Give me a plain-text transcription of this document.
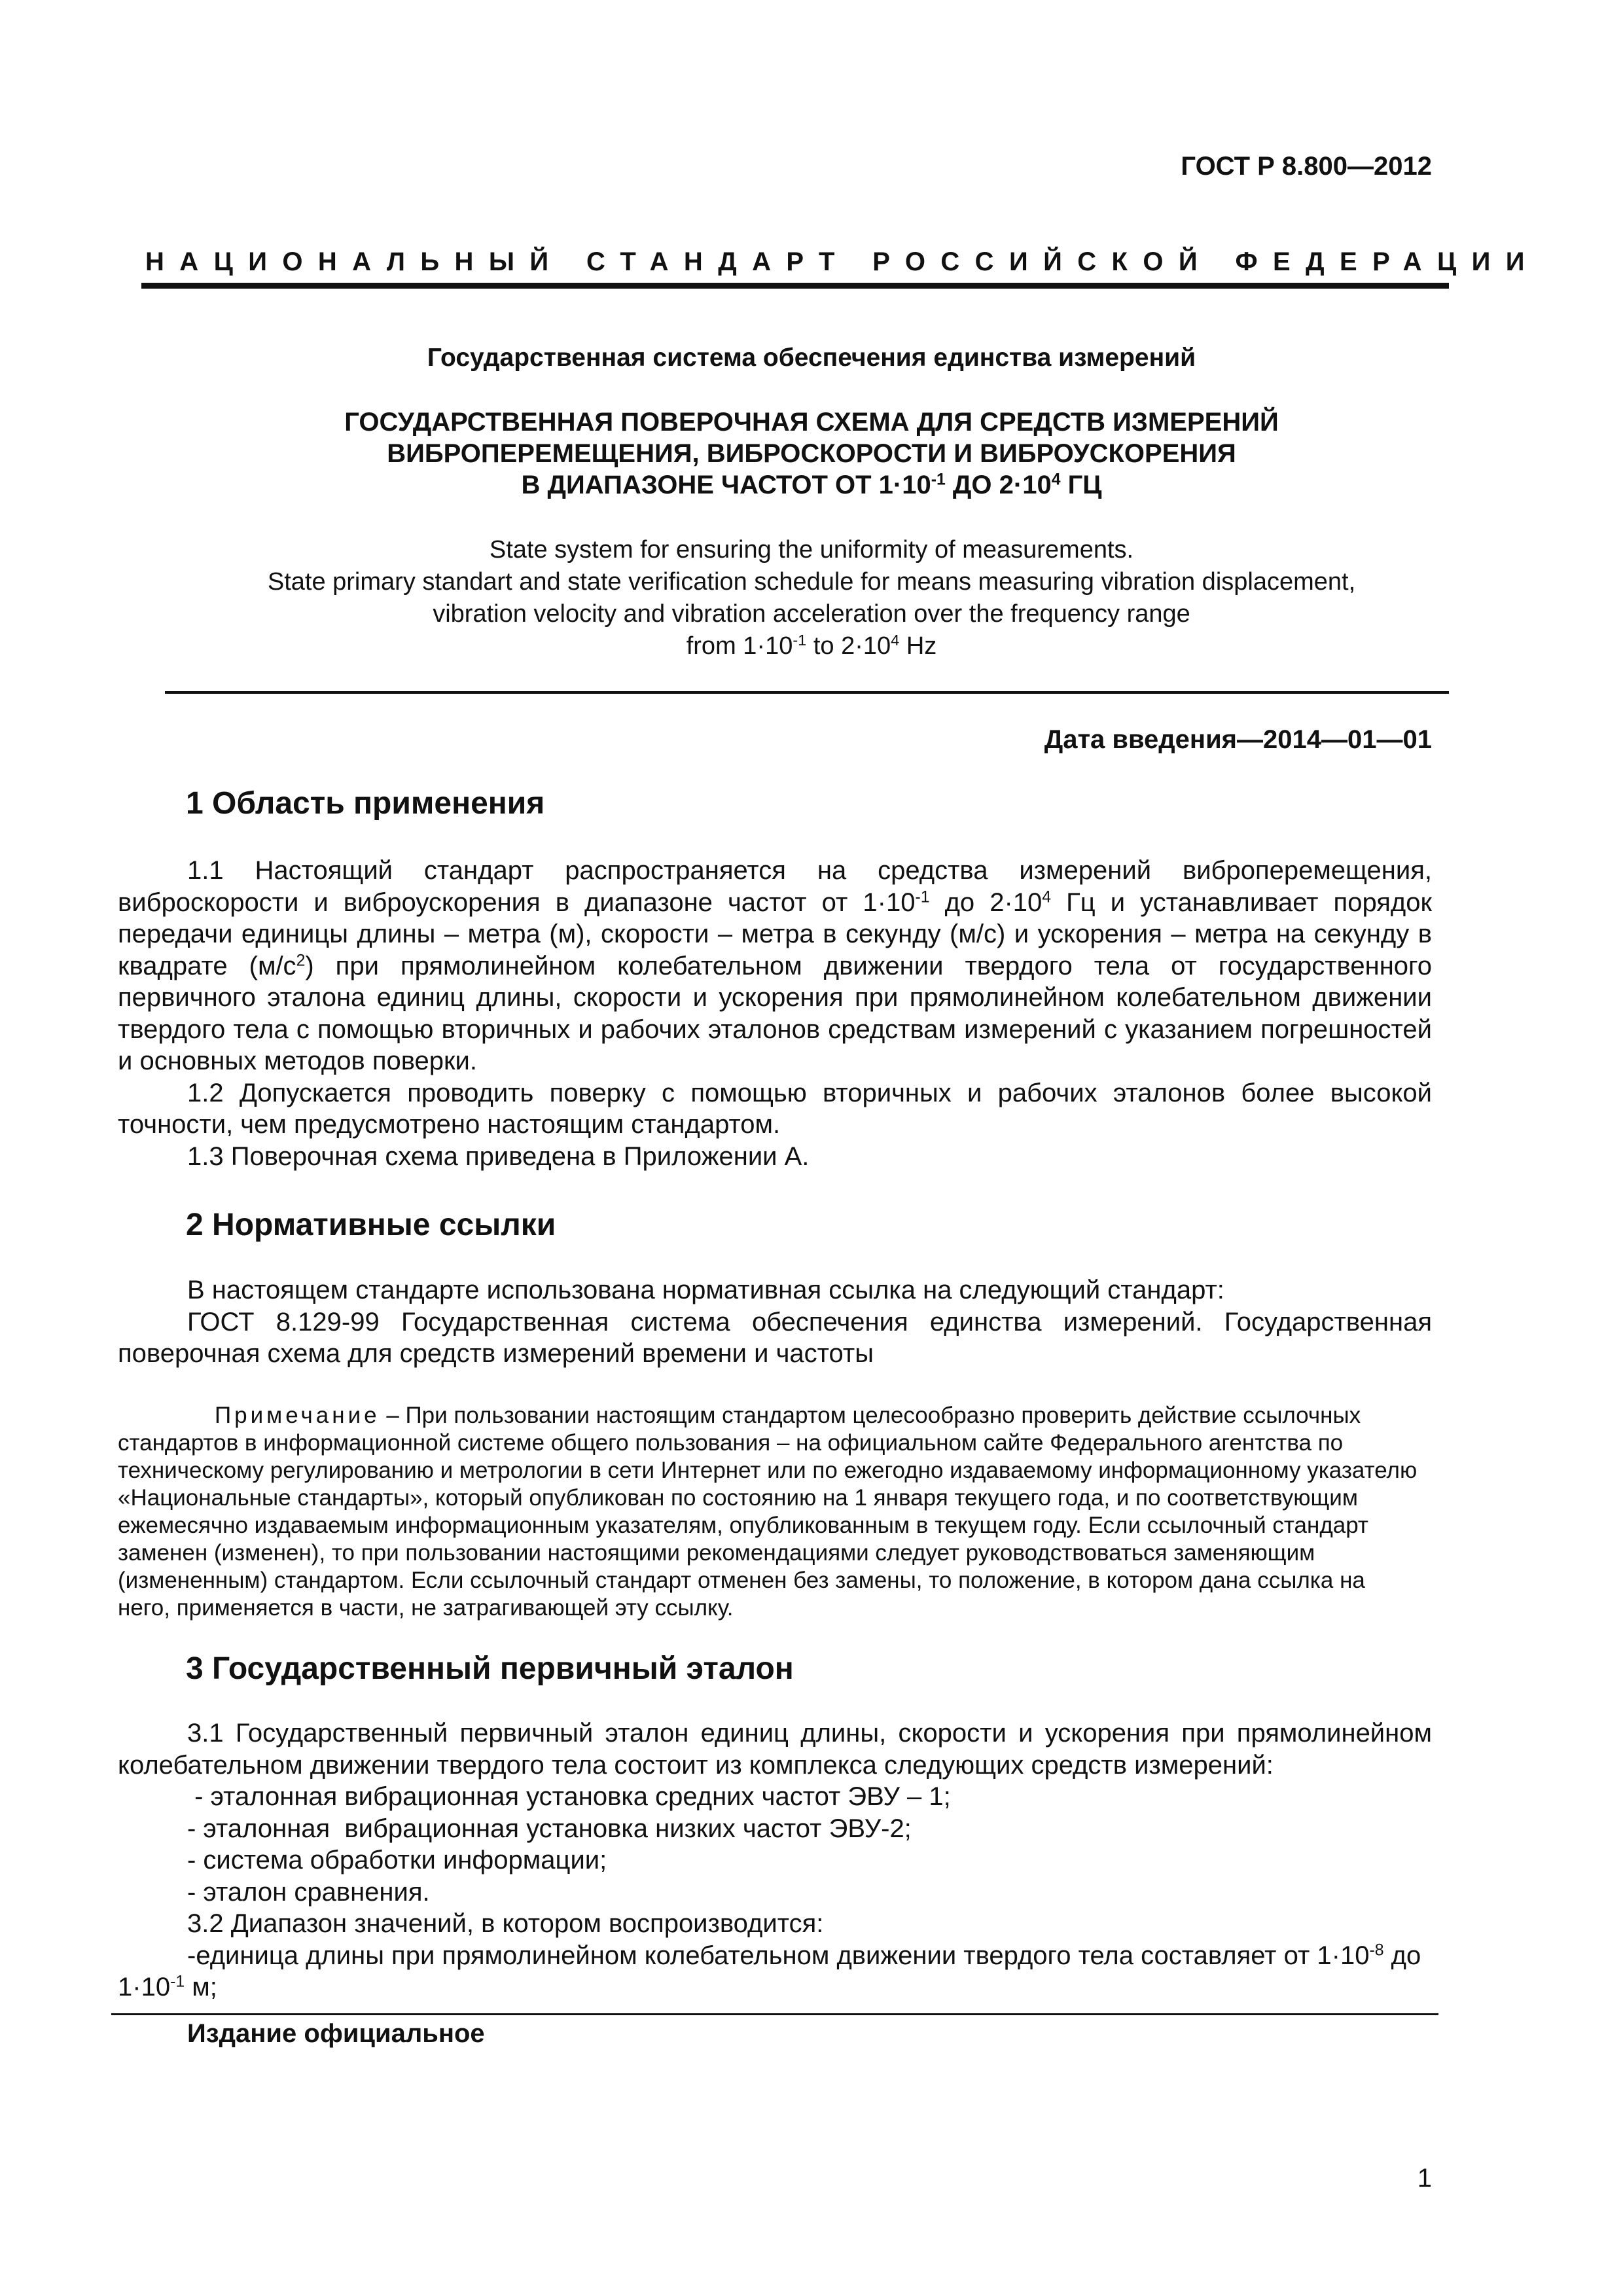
ГОСТ Р 8.800—2012
НАЦИОНАЛЬНЫЙ СТАНДАРТ РОССИЙСКОЙ ФЕДЕРАЦИИ
Государственная система обеспечения единства измерений
ГОСУДАРСТВЕННАЯ ПОВЕРОЧНАЯ СХЕМА ДЛЯ СРЕДСТВ ИЗМЕРЕНИЙ
ВИБРОПЕРЕМЕЩЕНИЯ, ВИБРОСКОРОСТИ И ВИБРОУСКОРЕНИЯ
В ДИАПАЗОНЕ ЧАСТОТ ОТ $1\cdot 10^{-1}$ ДО $2\cdot 10^4$ ГЦ
State system for ensuring the uniformity of measurements.
State primary standart and state verification schedule for means measuring vibration displacement,
vibration velocity and vibration acceleration over the frequency range
from $1\cdot 10^{-1}$ to $2\cdot 10^4$ Hz
Дата введения—2014—01—01
1 Область применения
1.1 Настоящий стандарт распространяется на средства измерений виброперемещения, виброскорости и виброускорения в диапазоне частот от $1\cdot 10^{-1}$ до $2\cdot 10^4$ Гц и устанавливает порядок передачи единицы длины – метра (м), скорости – метра в секунду (м/с) и ускорения – метра на секунду в квадрате $(м/с^2)$ при прямолинейном колебательном движении твердого тела от государственного первичного эталона единиц длины, скорости и ускорения при прямолинейном колебательном движении твердого тела с помощью вторичных и рабочих эталонов средствам измерений с указанием погрешностей и основных методов поверки.
1.2 Допускается проводить поверку с помощью вторичных и рабочих эталонов более высокой точности, чем предусмотрено настоящим стандартом.
1.3 Поверочная схема приведена в Приложении А.
2 Нормативные ссылки
В настоящем стандарте использована нормативная ссылка на следующий стандарт:
ГОСТ 8.129-99 Государственная система обеспечения единства измерений. Государственная поверочная схема для средств измерений времени и частоты
Примечание – При пользовании настоящим стандартом целесообразно проверить действие ссылочных стандартов в информационной системе общего пользования – на официальном сайте Федерального агентства по техническому регулированию и метрологии в сети Интернет или по ежегодно издаваемому информационному указателю «Национальные стандарты», который опубликован по состоянию на 1 января текущего года, и по соответствующим ежемесячно издаваемым информационным указателям, опубликованным в текущем году. Если ссылочный стандарт заменен (изменен), то при пользовании настоящими рекомендациями следует руководствоваться заменяющим (измененным) стандартом. Если ссылочный стандарт отменен без замены, то положение, в котором дана ссылка на него, применяется в части, не затрагивающей эту ссылку.
3 Государственный первичный эталон
3.1 Государственный первичный эталон единиц длины, скорости и ускорения при прямолинейном колебательном движении твердого тела состоит из комплекса следующих средств измерений:
- эталонная вибрационная установка средних частот ЭВУ – 1;
- эталонная  вибрационная установка низких частот ЭВУ-2;
- система обработки информации;
- эталон сравнения.
3.2 Диапазон значений, в котором воспроизводится:
-единица длины при прямолинейном колебательном движении твердого тела составляет от $1\cdot 10^{-8}$ до $1\cdot 10^{-1}$ м;
Издание официальное
1
